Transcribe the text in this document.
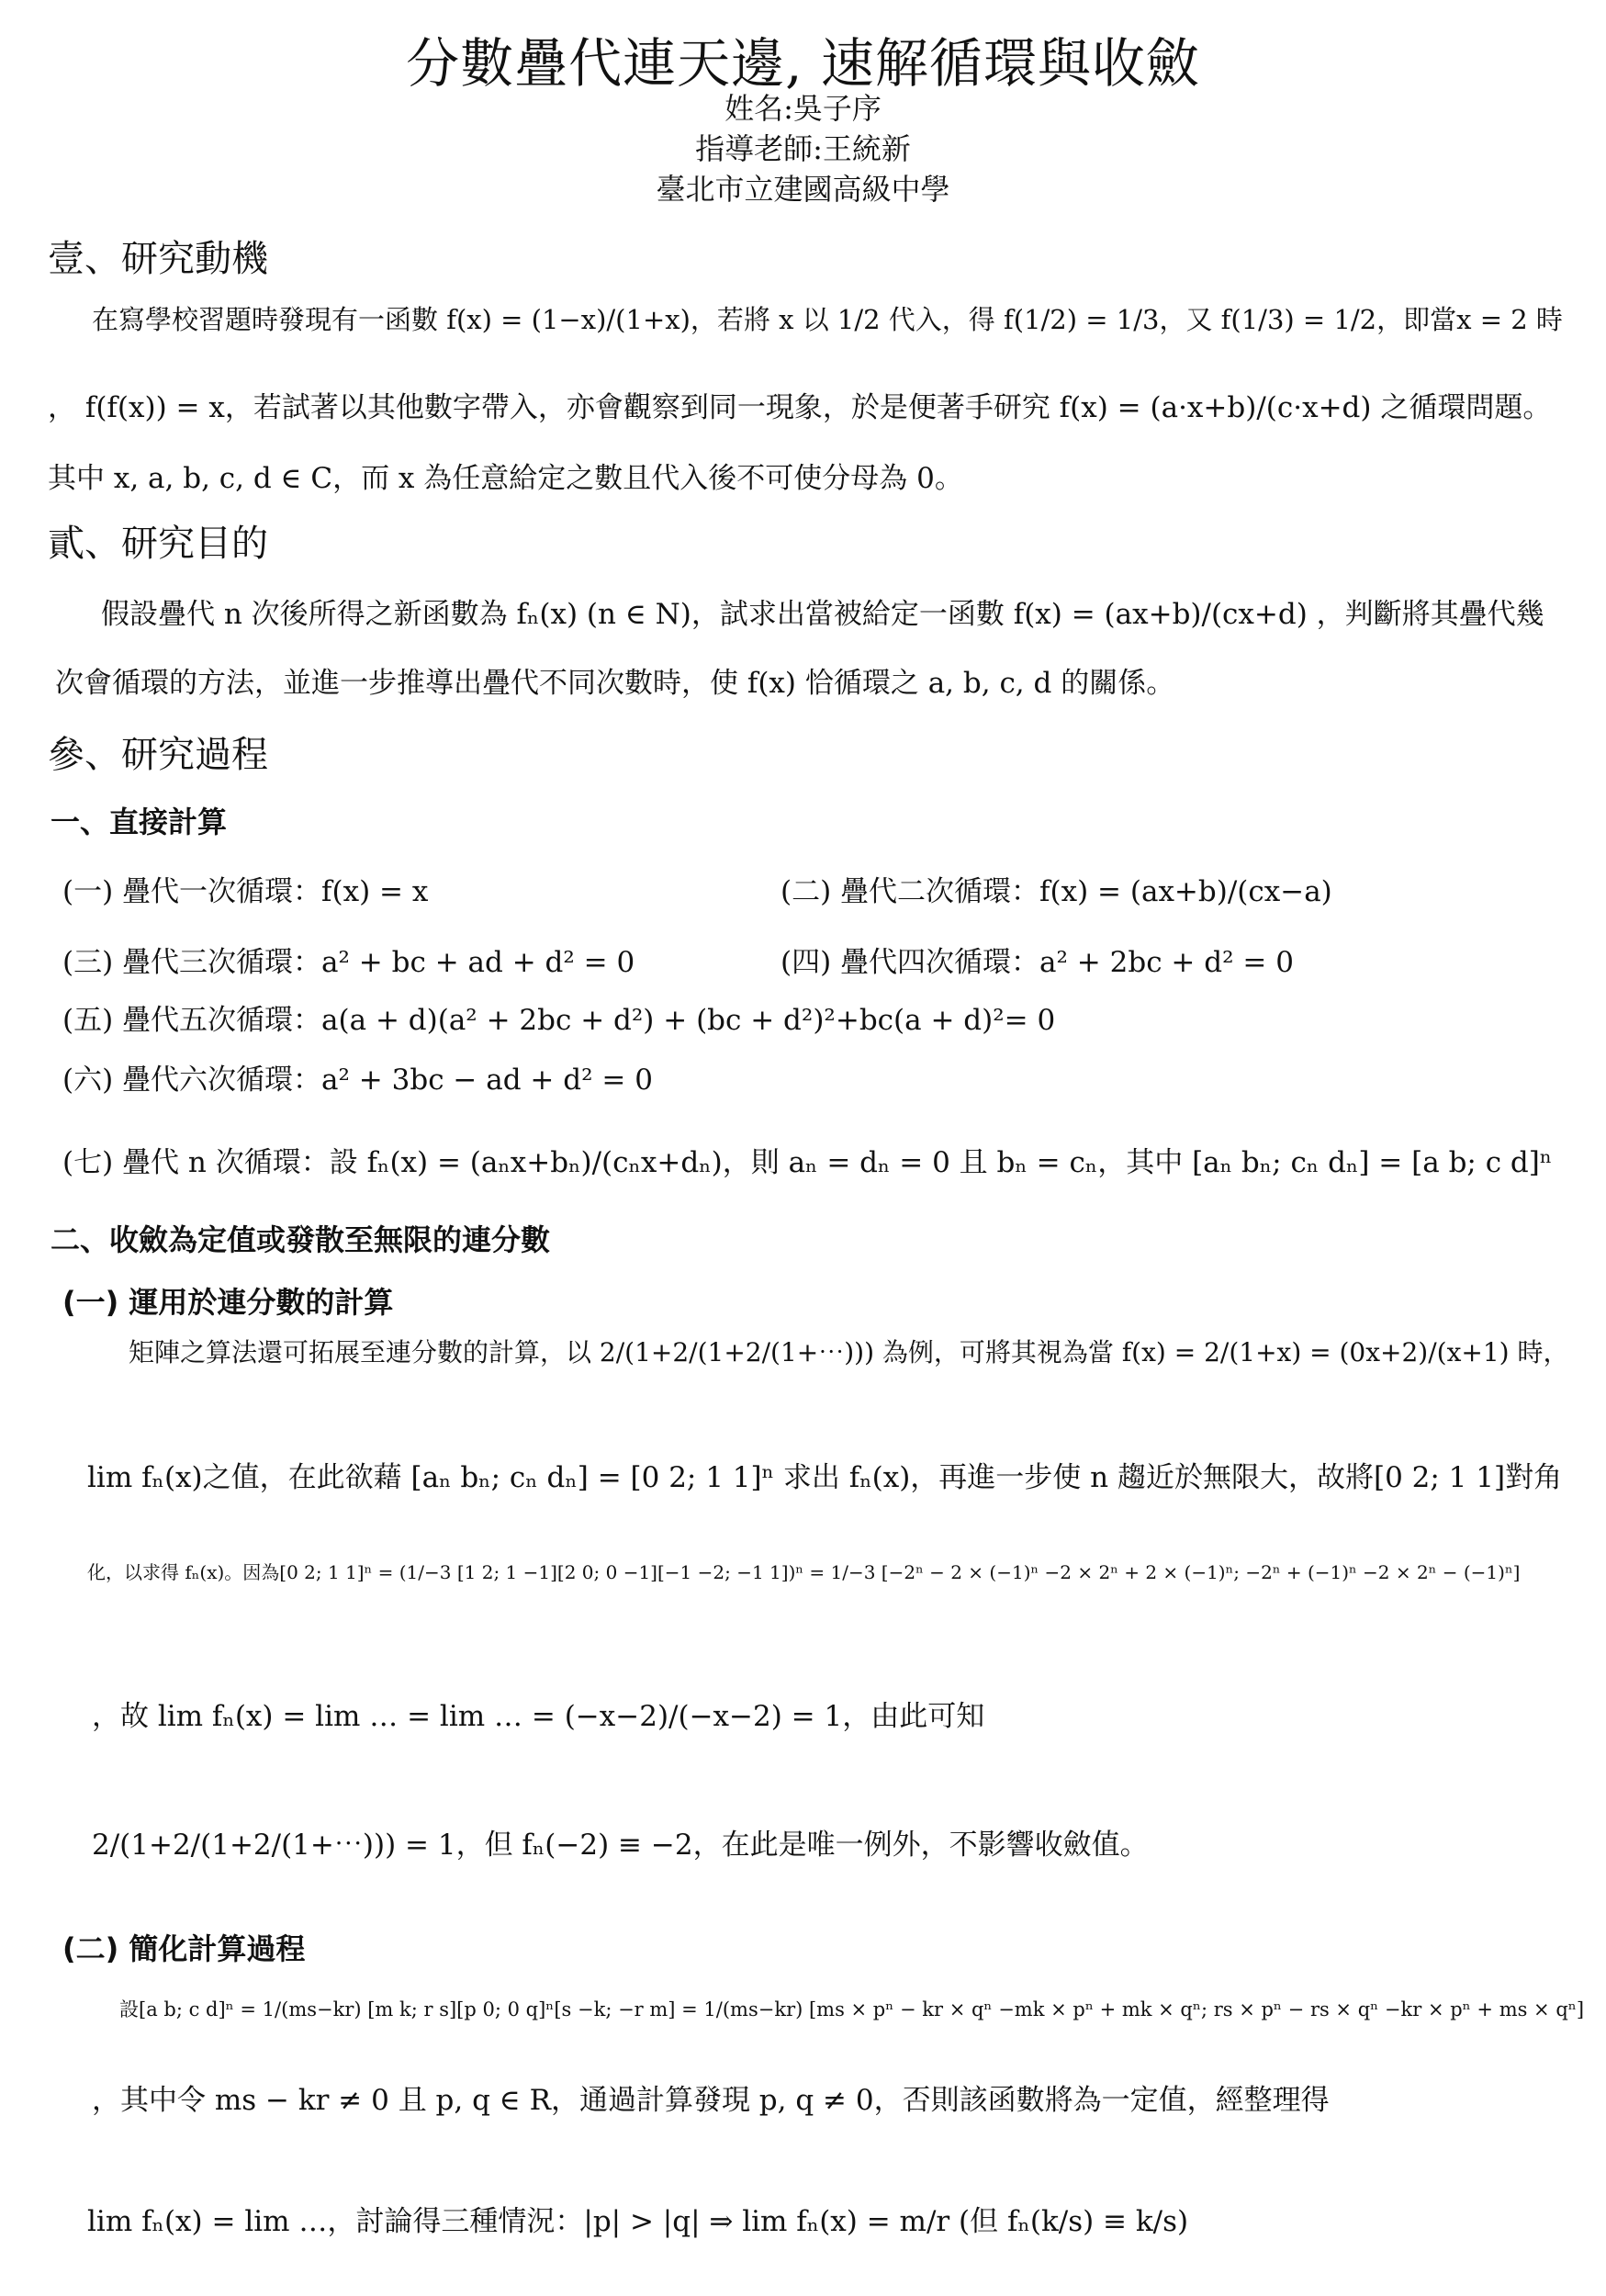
分數疊代連天邊, 速解循環與收斂
姓名:吳子序
指導老師:王統新
臺北市立建國高級中學
壹、研究動機
在寫學校習題時發現有一函數 f(x) = (1−x)/(1+x)，若將 x 以 1/2 代入，得 f(1/2) = 1/3，又 f(1/3) = 1/2，即當x = 2 時
， f(f(x)) = x，若試著以其他數字帶入，亦會觀察到同一現象，於是便著手研究 f(x) = (a·x+b)/(c·x+d) 之循環問題。
其中 x, a, b, c, d ∈ C，而 x 為任意給定之數且代入後不可使分母為 0。
貳、研究目的
假設疊代 n 次後所得之新函數為 fₙ(x) (n ∈ N)，試求出當被給定一函數 f(x) = (ax+b)/(cx+d) ，判斷將其疊代幾
次會循環的方法，並進一步推導出疊代不同次數時，使 f(x) 恰循環之 a, b, c, d 的關係。
參、研究過程
一、直接計算
(一) 疊代一次循環：f(x) = x	(二) 疊代二次循環：f(x) = (ax+b)/(cx−a)
(三) 疊代三次循環：a² + bc + ad + d² = 0	(四) 疊代四次循環：a² + 2bc + d² = 0
(五) 疊代五次循環：a(a + d)(a² + 2bc + d²) + (bc + d²)²+bc(a + d)²= 0
(六) 疊代六次循環：a² + 3bc − ad + d² = 0
(七) 疊代 n 次循環：設 fₙ(x) = (aₙx+bₙ)/(cₙx+dₙ)，則 aₙ = dₙ = 0 且 bₙ = cₙ，其中 [aₙ bₙ; cₙ dₙ] = [a b; c d]ⁿ
二、收斂為定值或發散至無限的連分數
(一) 運用於連分數的計算
矩陣之算法還可拓展至連分數的計算，以 2/(1+2/(1+2/(1+⋯))) 為例，可將其視為當 f(x) = 2/(1+x) = (0x+2)/(x+1) 時，
lim fₙ(x)之值，在此欲藉 [aₙ bₙ; cₙ dₙ] = [0 2; 1 1]ⁿ 求出 fₙ(x)，再進一步使 n 趨近於無限大，故將[0 2; 1 1]對角
化，以求得 fₙ(x)。因為[0 2; 1 1]ⁿ = (1/−3 [1 2; 1 −1][2 0; 0 −1][−1 −2; −1 1])ⁿ = 1/−3 [−2ⁿ − 2 × (−1)ⁿ −2 × 2ⁿ + 2 × (−1)ⁿ; −2ⁿ + (−1)ⁿ −2 × 2ⁿ − (−1)ⁿ]
，故 lim fₙ(x) = lim … = lim … = (−x−2)/(−x−2) = 1，由此可知
2/(1+2/(1+2/(1+⋯))) = 1，但 fₙ(−2) ≡ −2，在此是唯一例外，不影響收斂值。
(二) 簡化計算過程
設[a b; c d]ⁿ = 1/(ms−kr) [m k; r s][p 0; 0 q]ⁿ[s −k; −r m] = 1/(ms−kr) [ms × pⁿ − kr × qⁿ −mk × pⁿ + mk × qⁿ; rs × pⁿ − rs × qⁿ −kr × pⁿ + ms × qⁿ]
，其中令 ms − kr ≠ 0 且 p, q ∈ R，通過計算發現 p, q ≠ 0，否則該函數將為一定值，經整理得
lim fₙ(x) = lim …，討論得三種情況：|p| > |q| ⇒ lim fₙ(x) = m/r (但 fₙ(k/s) ≡ k/s)
